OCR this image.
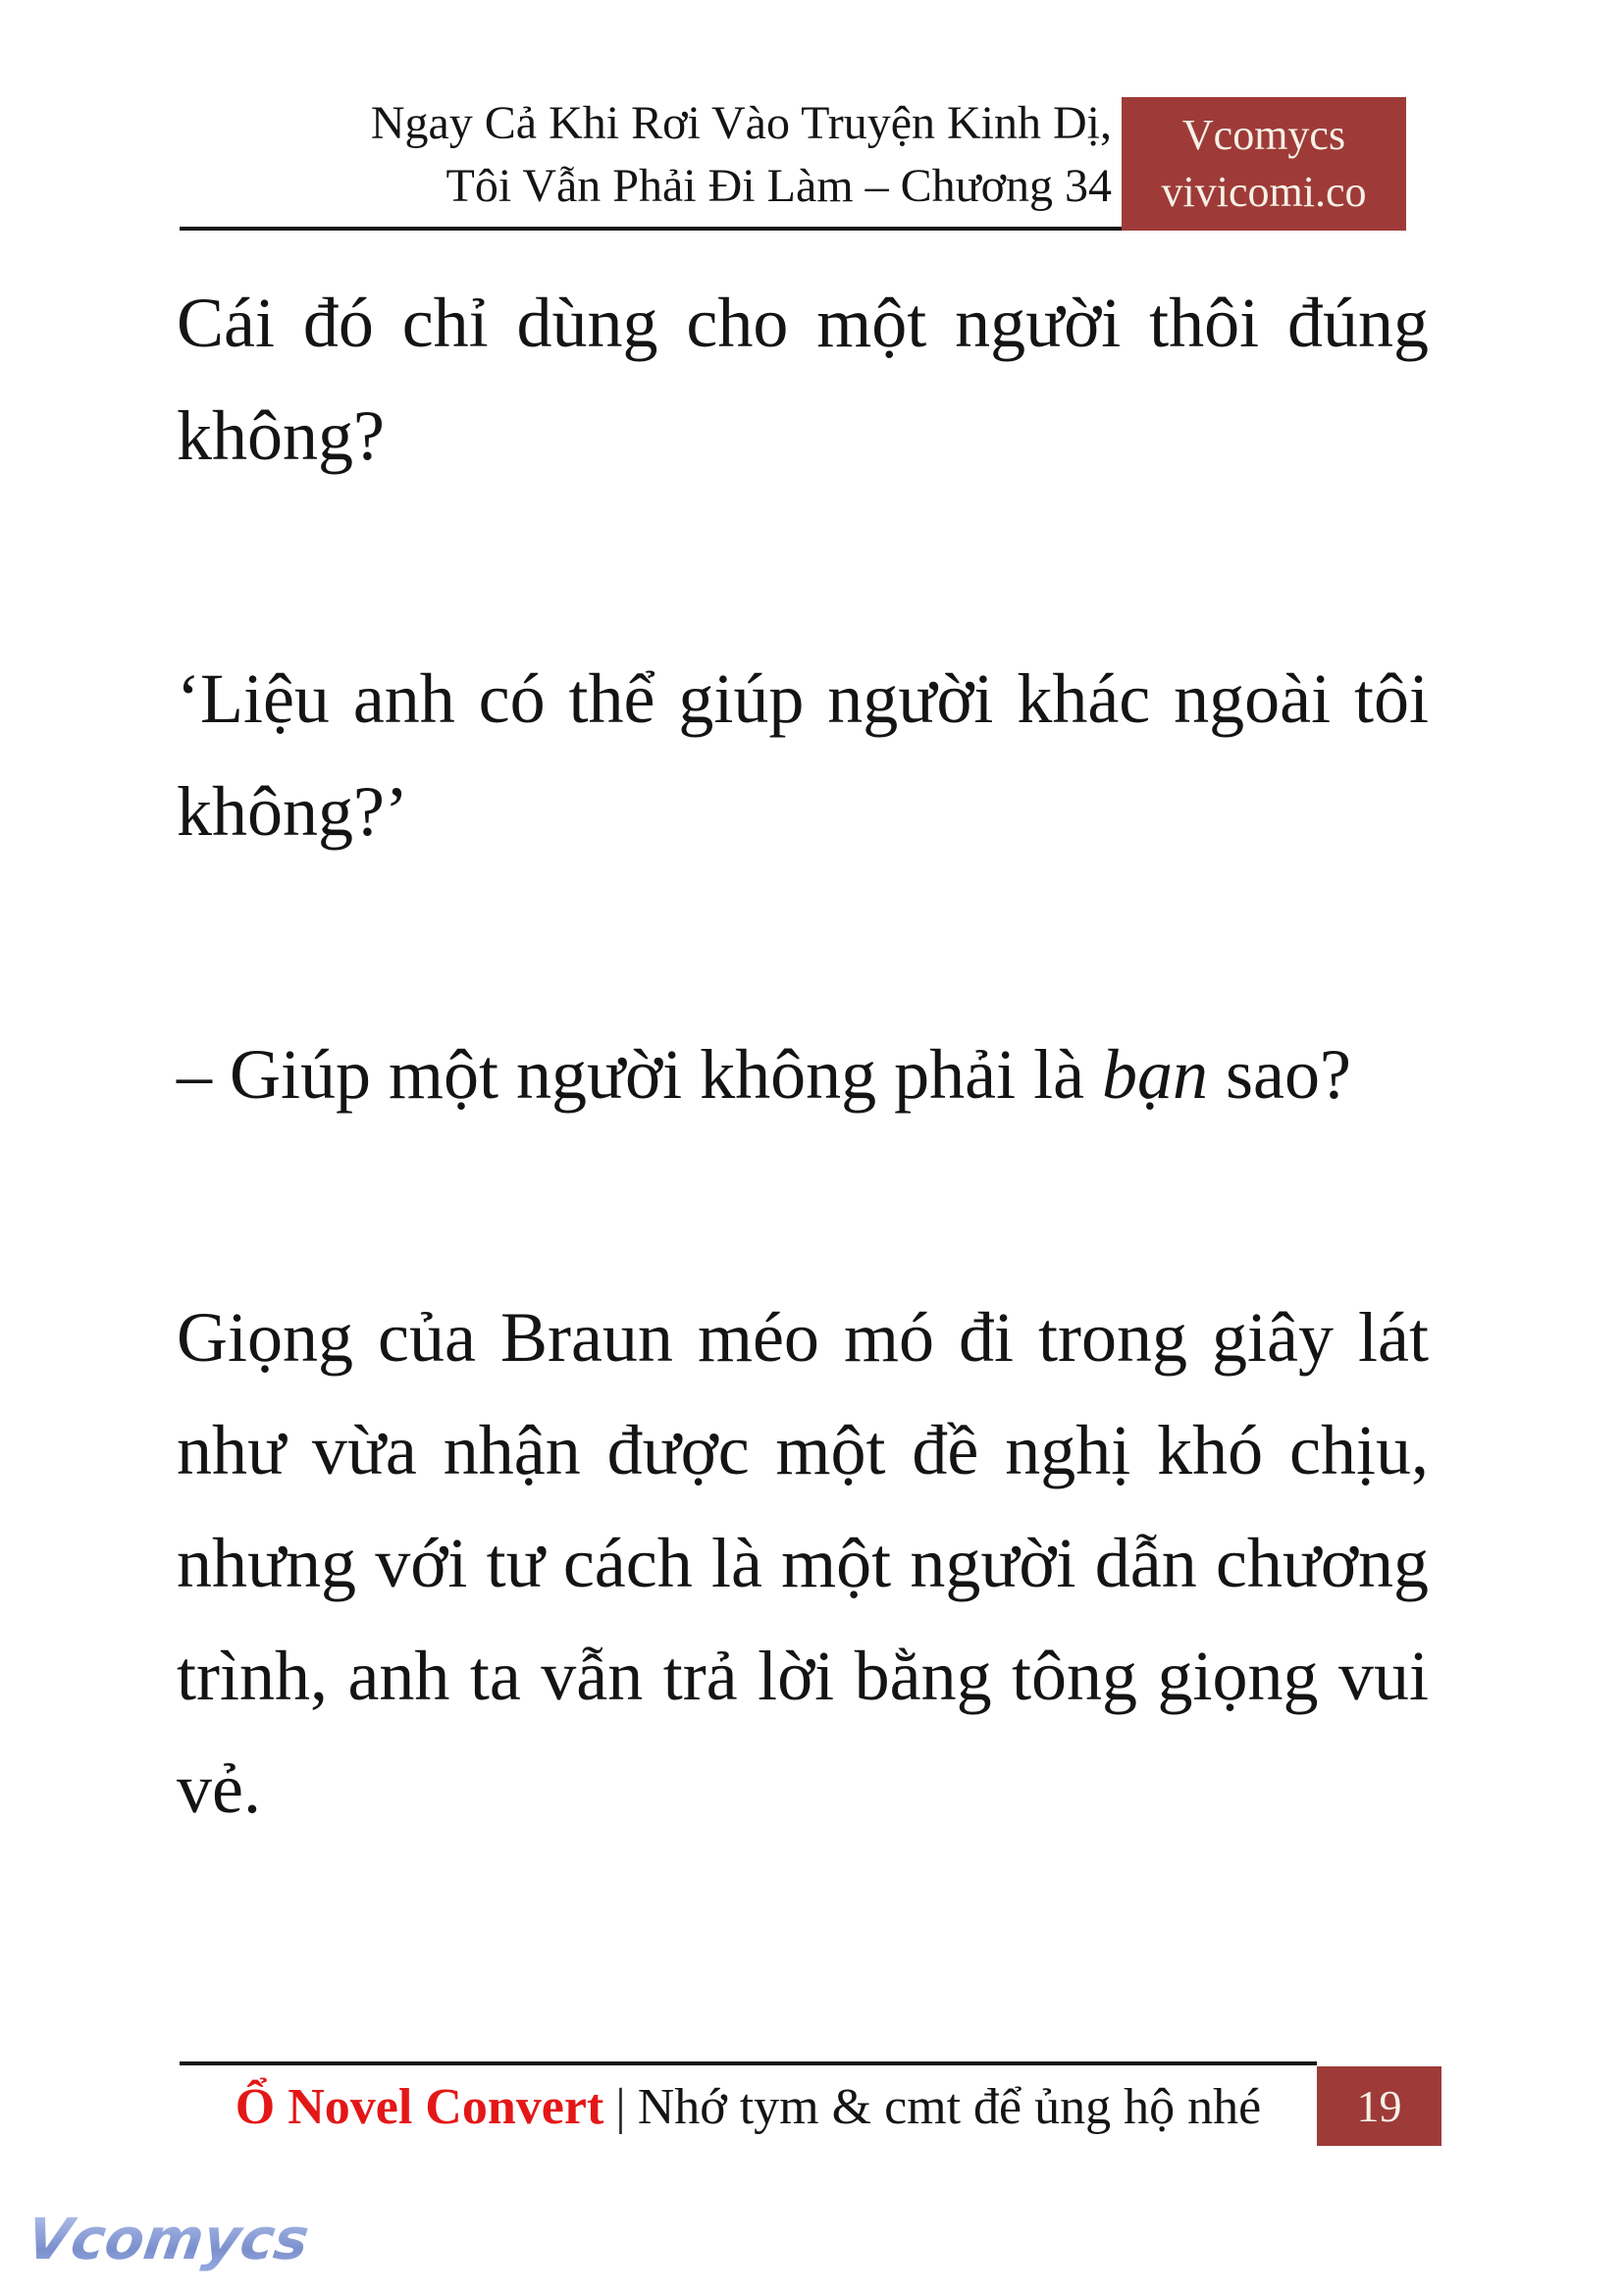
Ngay Cả Khi Rơi Vào Truyện Kinh Dị,
Tôi Vẫn Phải Đi Làm – Chương 34
Vcomycs
vivicomi.co

Cái đó chỉ dùng cho một người thôi đúng không?

‘Liệu anh có thể giúp người khác ngoài tôi không?’

– Giúp một người không phải là bạn sao?

Giọng của Braun méo mó đi trong giây lát như vừa nhận được một đề nghị khó chịu, nhưng với tư cách là một người dẫn chương trình, anh ta vẫn trả lời bằng tông giọng vui vẻ.

Ổ Novel Convert | Nhớ tym & cmt để ủng hộ nhé	19
Vcomycs
